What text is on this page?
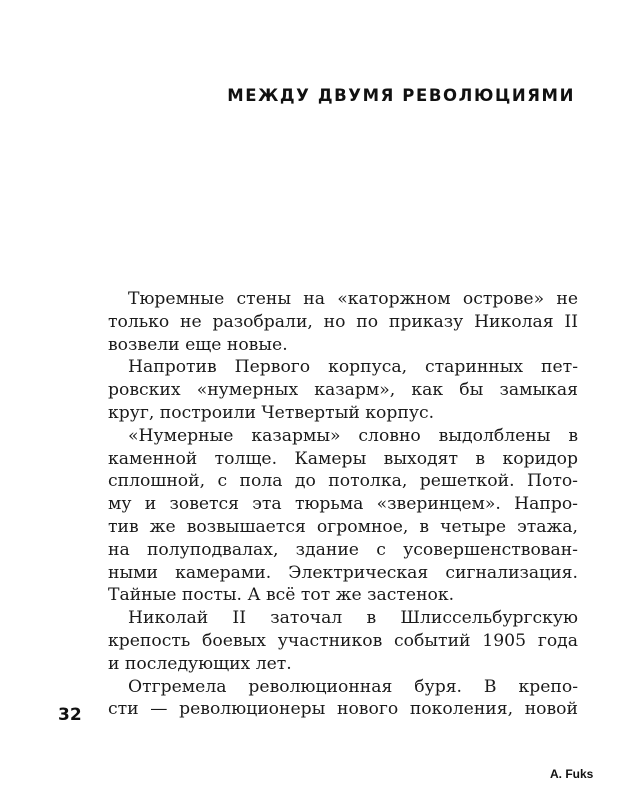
МЕЖДУ ДВУМЯ РЕВОЛЮЦИЯМИ
Тюремные стены на «каторжном острове» не
только не разобрали, но по приказу Николая II
возвели еще новые.
Напротив Первого корпуса, старинных пет-
ровских «нумерных казарм», как бы замыкая
круг, построили Четвертый корпус.
«Нумерные казармы» словно выдолблены в
каменной толще. Камеры выходят в коридор
сплошной, с пола до потолка, решеткой. Пото-
му и зовется эта тюрьма «зверинцем». Напро-
тив же возвышается огромное, в четыре этажа,
на полуподвалах, здание с усовершенствован-
ными камерами. Электрическая сигнализация.
Тайные посты. А всё тот же застенок.
Николай II заточал в Шлиссельбургскую
крепость боевых участников событий 1905 года
и последующих лет.
Отгремела революционная буря. В крепо-
сти — революционеры нового поколения, новой
32
A. Fuks
